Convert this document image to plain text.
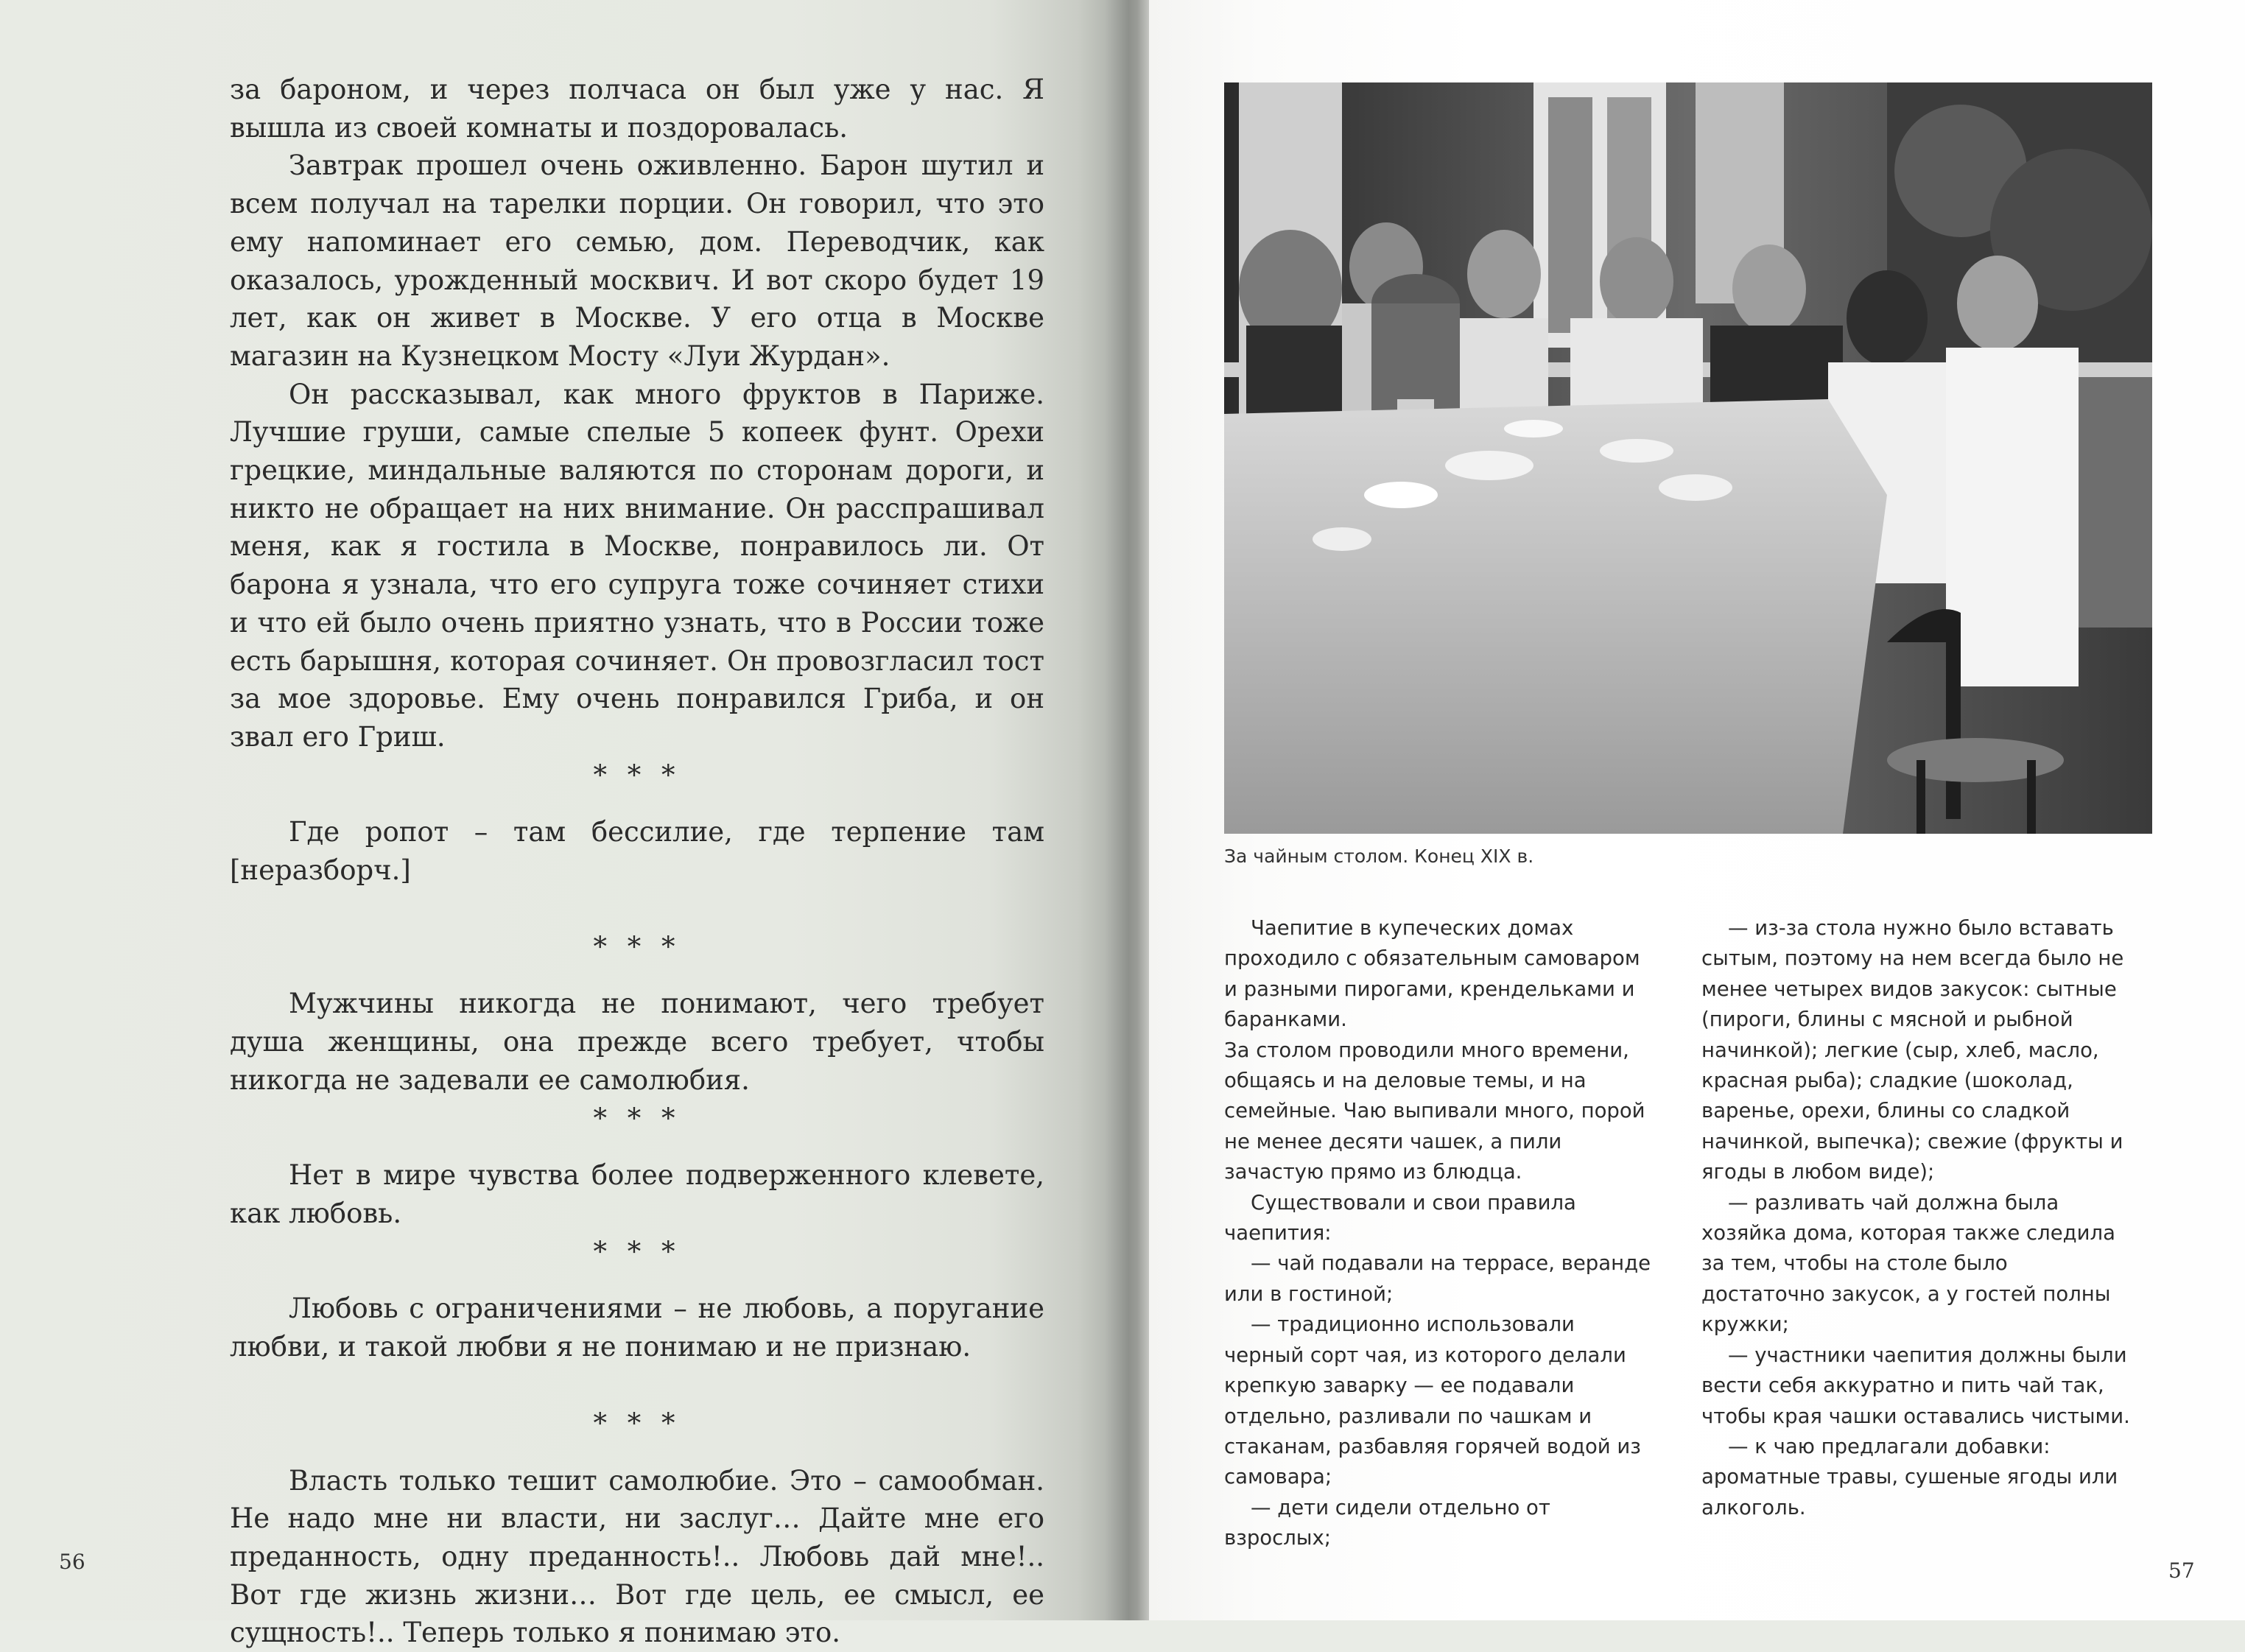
за бароном, и через полчаса он был уже у нас. Я вышла из своей комнаты и поздоровалась.

Завтрак прошел очень оживленно. Барон шутил и всем получал на тарелки порции. Он говорил, что это ему напоминает его семью, дом. Переводчик, как оказалось, урожденный москвич. И вот скоро будет 19 лет, как он живет в Москве. У его отца в Москве магазин на Кузнецком Мосту «Луи Журдан».

Он рассказывал, как много фруктов в Париже. Лучшие груши, самые спелые 5 копеек фунт. Орехи грецкие, миндальные валяются по сторонам дороги, и никто не обращает на них внимание. Он расспрашивал меня, как я гостила в Москве, понравилось ли. От барона я узнала, что его супруга тоже сочиняет стихи и что ей было очень приятно узнать, что в России тоже есть барышня, которая сочиняет. Он провозгласил тост за мое здоровье. Ему очень понравился Гриба, и он звал его Гриш.

* * *

Где ропот – там бессилие, где терпение там [неразборч.]

* * *

Мужчины никогда не понимают, чего требует душа женщины, она прежде всего требует, чтобы никогда не задевали ее самолюбия.

* * *

Нет в мире чувства более подверженного клевете, как любовь.

* * *

Любовь с ограничениями – не любовь, а поругание любви, и такой любви я не понимаю и не признаю.

* * *

Власть только тешит самолюбие. Это – самообман. Не надо мне ни власти, ни заслуг… Дайте мне его преданность, одну преданность!.. Любовь дай мне!.. Вот где жизнь жизни… Вот где цель, ее смысл, ее сущность!.. Теперь только я понимаю это.

56
За чайным столом. Конец XIX в.

Чаепитие в купеческих домах проходило с обязательным самоваром и разными пирогами, крендельками и баранками.

За столом проводили много времени, общаясь и на деловые темы, и на семейные. Чаю выпивали много, порой не менее десяти чашек, а пили зачастую прямо из блюдца.

Существовали и свои правила чаепития:

— чай подавали на террасе, веранде или в гостиной;

— традиционно использовали черный сорт чая, из которого делали крепкую заварку — ее подавали отдельно, разливали по чашкам и стаканам, разбавляя горячей водой из самовара;

— дети сидели отдельно от взрослых;

— из-за стола нужно было вставать сытым, поэтому на нем всегда было не менее четырех видов закусок: сытные (пироги, блины с мясной и рыбной начинкой); легкие (сыр, хлеб, масло, красная рыба); сладкие (шоколад, варенье, орехи, блины со сладкой начинкой, выпечка); свежие (фрукты и ягоды в любом виде);

— разливать чай должна была хозяйка дома, которая также следила за тем, чтобы на столе было достаточно закусок, а у гостей полны кружки;

— участники чаепития должны были вести себя аккуратно и пить чай так, чтобы края чашки оставались чистыми.

— к чаю предлагали добавки: ароматные травы, сушеные ягоды или алкоголь.

57
